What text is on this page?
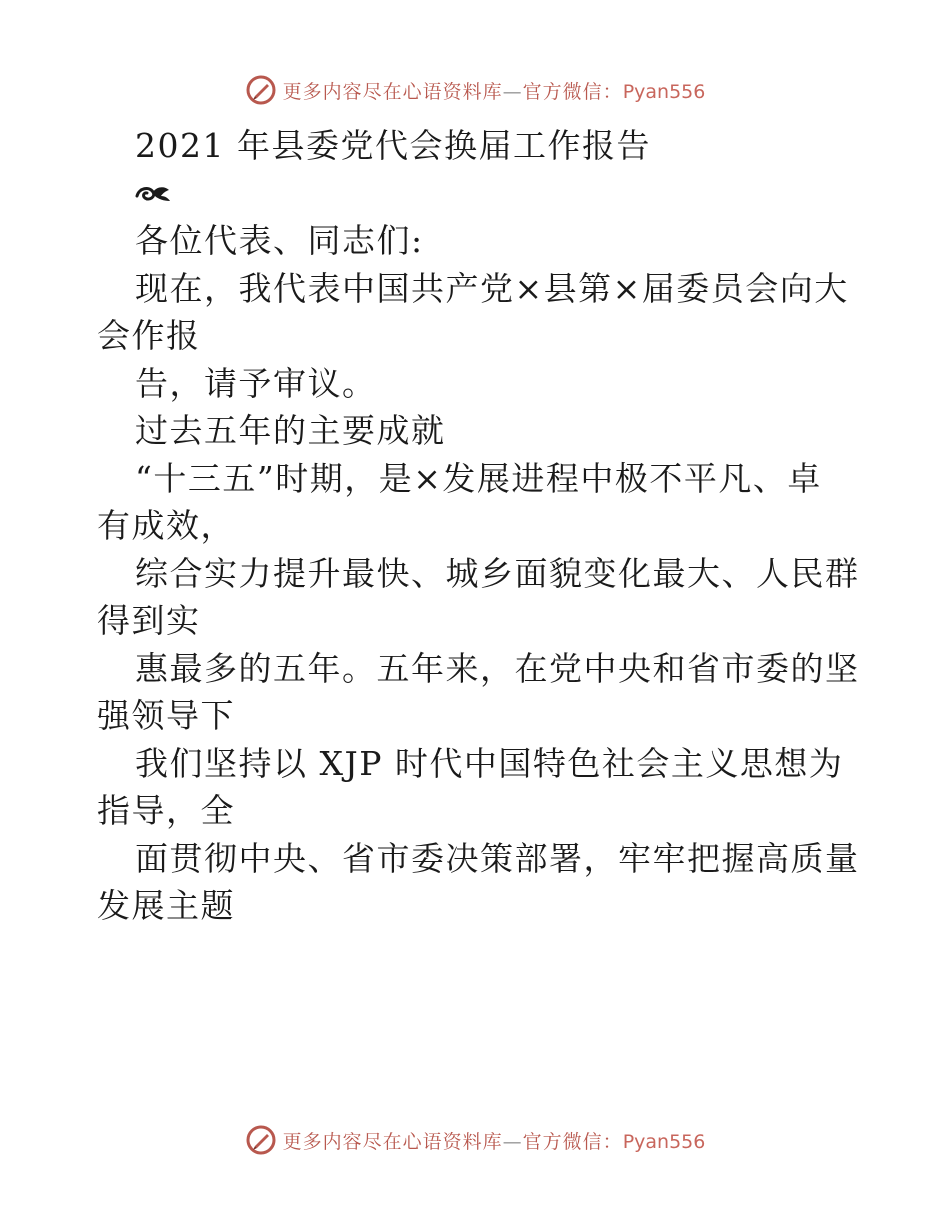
更多内容尽在心语资料库—官方微信：Pyan556
2021 年县委党代会换届工作报告
各位代表、同志们:
现在，我代表中国共产党×县第×届委员会向大
会作报
告，请予审议。
过去五年的主要成就
“十三五”时期，是×发展进程中极不平凡、卓
有成效，
综合实力提升最快、城乡面貌变化最大、人民群
得到实
惠最多的五年。五年来，在党中央和省市委的坚
强领导下
我们坚持以 XJP 时代中国特色社会主义思想为
指导，全
面贯彻中央、省市委决策部署，牢牢把握高质量
发展主题
更多内容尽在心语资料库—官方微信：Pyan556
